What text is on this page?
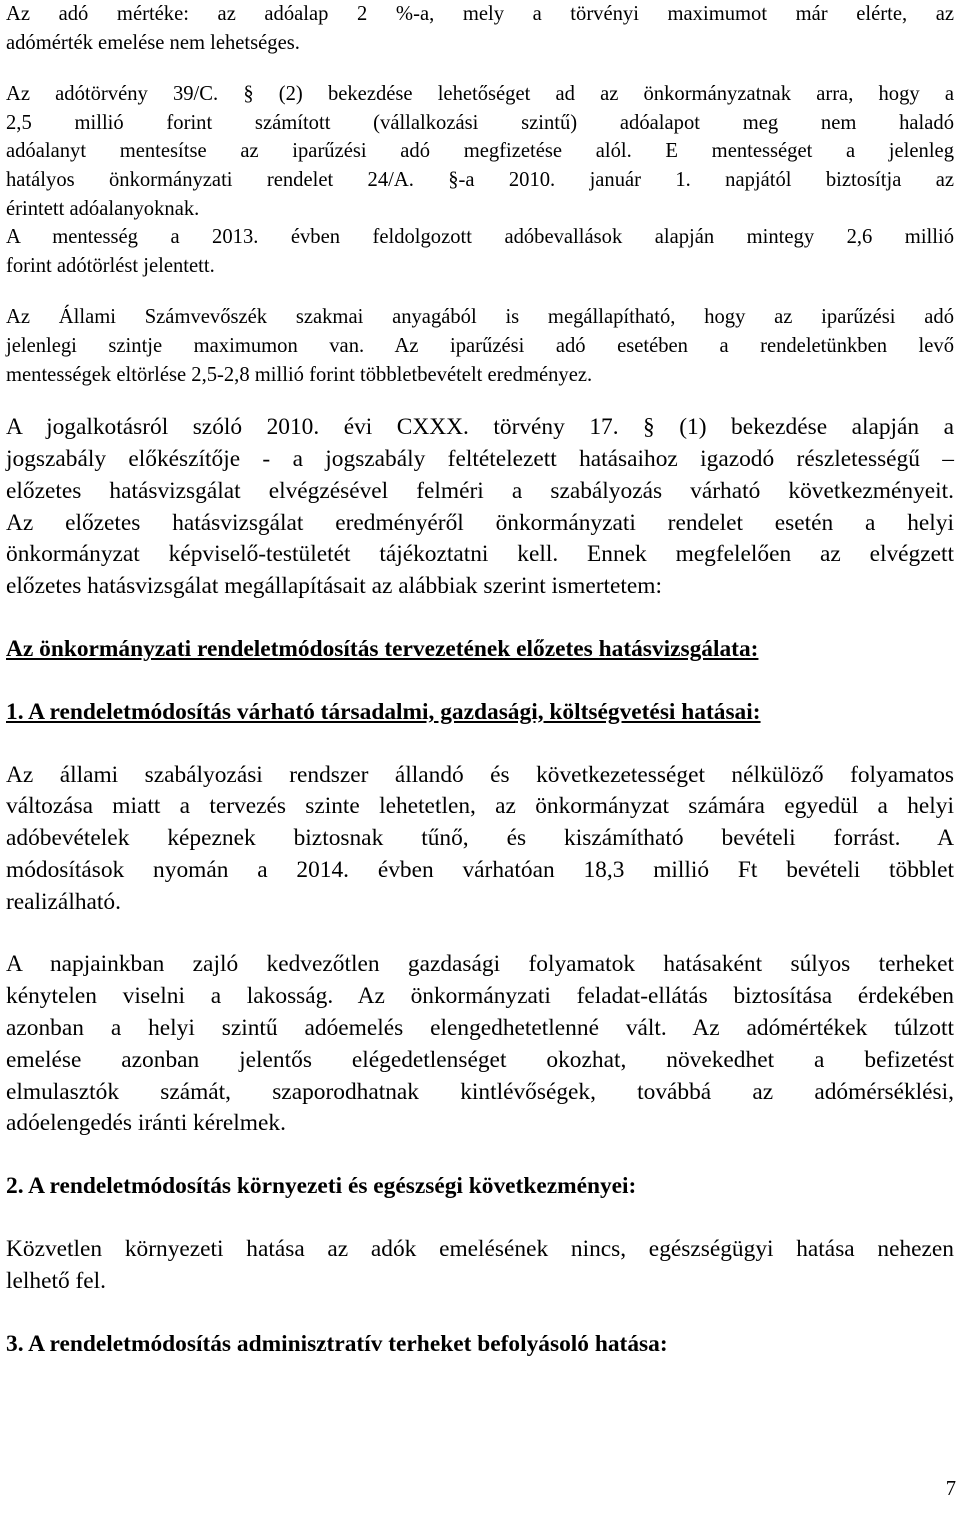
Az adó mértéke: az adóalap 2 %-a, mely a törvényi maximumot már elérte, az
adómérték emelése nem lehetséges.
Az adótörvény 39/C. § (2) bekezdése lehetőséget ad az önkormányzatnak arra, hogy a
2,5 millió forint számított (vállalkozási szintű) adóalapot meg nem haladó
adóalanyt mentesítse az iparűzési adó megfizetése alól. E mentességet a jelenleg
hatályos önkormányzati rendelet 24/A. §-a 2010. január 1. napjától biztosítja az
érintett adóalanyoknak.
A mentesség a 2013. évben feldolgozott adóbevallások alapján mintegy 2,6 millió
forint adótörlést jelentett.
Az Állami Számvevőszék szakmai anyagából is megállapítható, hogy az iparűzési adó
jelenlegi szintje maximumon van. Az iparűzési adó esetében a rendeletünkben levő
mentességek eltörlése 2,5-2,8 millió forint többletbevételt eredményez.
A jogalkotásról szóló 2010. évi CXXX. törvény 17. § (1) bekezdése alapján a
jogszabály előkészítője - a jogszabály feltételezett hatásaihoz igazodó részletességű –
előzetes hatásvizsgálat elvégzésével felméri a szabályozás várható következményeit.
Az előzetes hatásvizsgálat eredményéről önkormányzati rendelet esetén a helyi
önkormányzat képviselő-testületét tájékoztatni kell. Ennek megfelelően az elvégzett
előzetes hatásvizsgálat megállapításait az alábbiak szerint ismertetem:
Az önkormányzati rendeletmódosítás tervezetének előzetes hatásvizsgálata:
1. A rendeletmódosítás várható társadalmi, gazdasági, költségvetési hatásai:
Az állami szabályozási rendszer állandó és következetességet nélkülöző folyamatos
változása miatt a tervezés szinte lehetetlen, az önkormányzat számára egyedül a helyi
adóbevételek képeznek biztosnak tűnő, és kiszámítható bevételi forrást. A
módosítások nyomán a 2014. évben várhatóan 18,3 millió Ft bevételi többlet
realizálható.
A napjainkban zajló kedvezőtlen gazdasági folyamatok hatásaként súlyos terheket
kénytelen viselni a lakosság. Az önkormányzati feladat-ellátás biztosítása érdekében
azonban a helyi szintű adóemelés elengedhetetlenné vált. Az adómértékek túlzott
emelése azonban jelentős elégedetlenséget okozhat, növekedhet a befizetést
elmulasztók számát, szaporodhatnak kintlévőségek, továbbá az adómérséklési,
adóelengedés iránti kérelmek.
2. A rendeletmódosítás környezeti és egészségi következményei:
Közvetlen környezeti hatása az adók emelésének nincs, egészségügyi hatása nehezen
lelhető fel.
3. A rendeletmódosítás adminisztratív terheket befolyásoló hatása:
7
